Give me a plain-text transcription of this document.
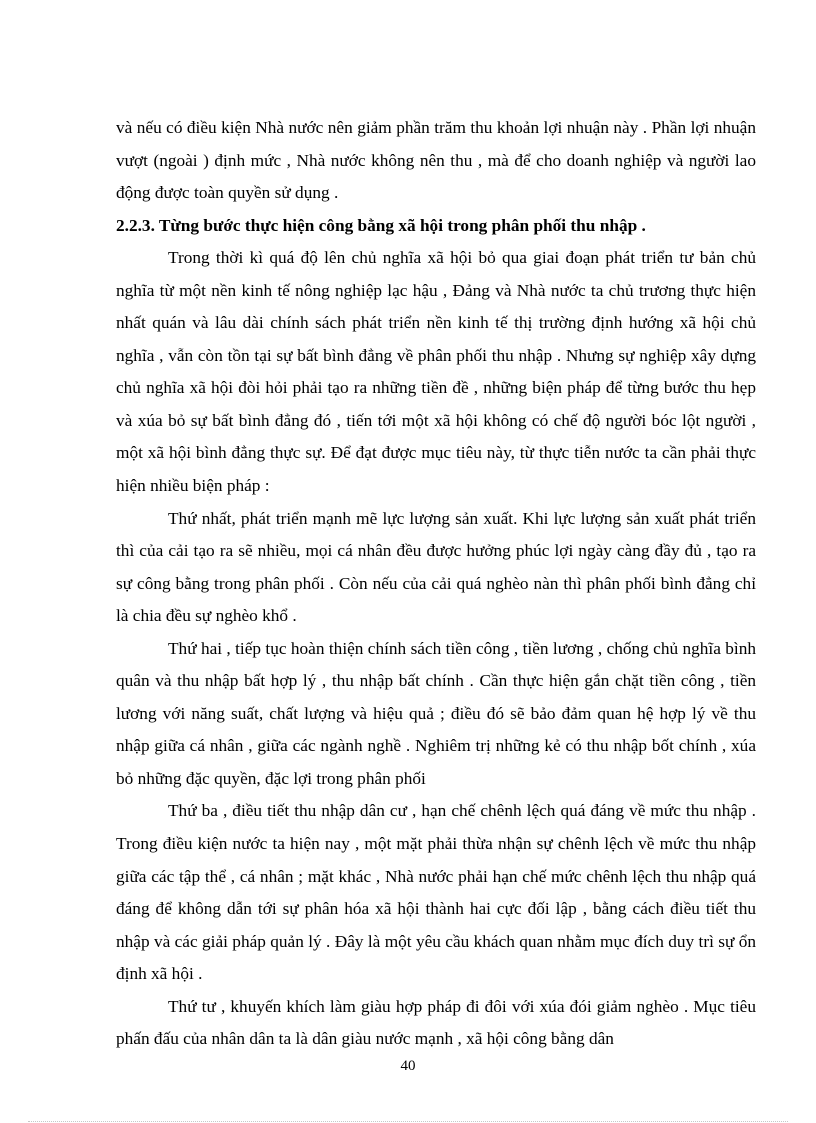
và nếu có điều kiện Nhà nước nên giảm phần trăm thu khoản lợi nhuận này . Phần lợi nhuận vượt (ngoài ) định mức , Nhà nước không nên thu , mà để cho doanh nghiệp và người lao động được toàn quyền sử dụng .

2.2.3. Từng bước thực hiện công bằng xã hội trong phân phối thu nhập .

Trong thời kì quá độ lên chủ nghĩa xã hội bỏ qua giai đoạn phát triển tư bản chủ nghĩa từ một nền kinh tế nông nghiệp lạc hậu , Đảng và Nhà nước ta chủ trương thực hiện nhất quán và lâu dài chính sách phát triển nền kinh tế thị trường định hướng xã hội chủ nghĩa , vẫn còn tồn tại sự bất bình đẳng về phân phối thu nhập . Nhưng sự nghiệp xây dựng chủ nghĩa xã hội đòi hỏi phải tạo ra những tiền đề , những biện pháp để từng bước thu hẹp và xúa bỏ sự bất bình đẳng đó , tiến tới một xã hội không có chế độ người bóc lột người , một xã hội bình đẳng thực sự. Để đạt được mục tiêu này, từ thực tiễn nước ta cần phải thực hiện nhiều biện pháp :

Thứ nhất, phát triển mạnh mẽ lực lượng sản xuất. Khi lực lượng sản xuất phát triển thì của cải tạo ra sẽ nhiều, mọi cá nhân đều được hưởng phúc lợi ngày càng đầy đủ , tạo ra sự công bằng trong phân phối . Còn nếu của cải quá nghèo nàn thì phân phối bình đẳng chỉ là chia đều sự nghèo khổ .

Thứ hai , tiếp tục hoàn thiện chính sách tiền công , tiền lương , chống chủ nghĩa bình quân và thu nhập bất hợp lý , thu nhập bất chính . Cần thực hiện gắn chặt tiền công , tiền lương với năng suất, chất lượng và hiệu quả ; điều đó sẽ bảo đảm quan hệ hợp lý về thu nhập giữa cá nhân , giữa các ngành nghề . Nghiêm trị những kẻ có thu nhập bốt chính , xúa bỏ những đặc quyền, đặc lợi trong phân phối

Thứ ba , điều tiết thu nhập dân cư , hạn chế chênh lệch quá đáng về mức thu nhập . Trong điều kiện nước ta hiện nay , một mặt phải thừa nhận sự chênh lệch về mức thu nhập giữa các tập thể , cá nhân ; mặt khác , Nhà nước phải hạn chế mức chênh lệch thu nhập quá đáng để không dẫn tới sự phân hóa xã hội thành hai cực đối lập , bằng cách điều tiết thu nhập và các giải pháp quản lý . Đây là một yêu cầu khách quan nhằm mục đích duy trì sự ổn định xã hội .

Thứ tư , khuyến khích làm giàu hợp pháp đi đôi với xúa đói giảm nghèo . Mục tiêu phấn đấu của nhân dân ta là dân giàu nước mạnh , xã hội công bằng dân

40
